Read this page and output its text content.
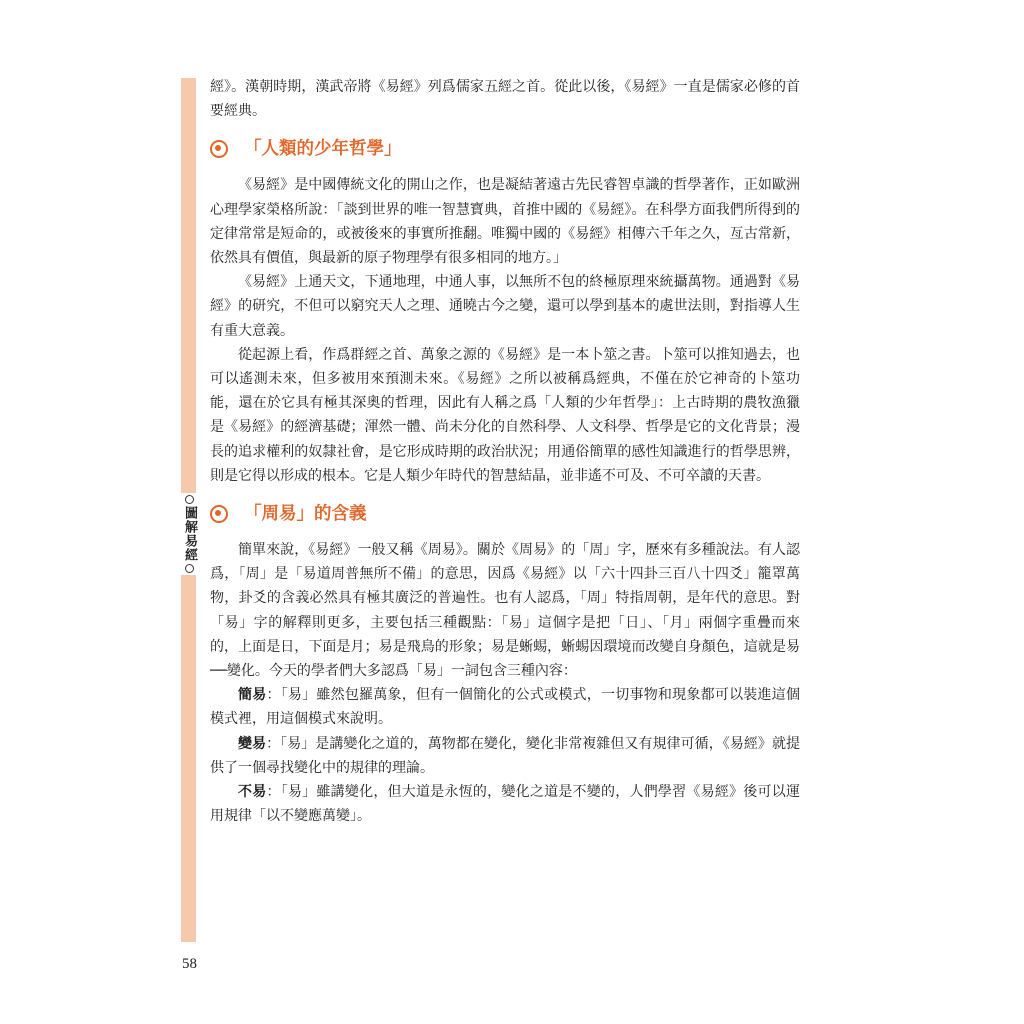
圖解易經

經》。漢朝時期，漢武帝將《易經》列爲儒家五經之首。從此以後，《易經》一直是儒家必修的首要經典。

「人類的少年哲學」

《易經》是中國傳統文化的開山之作，也是凝結著遠古先民睿智卓識的哲學著作，正如歐洲心理學家榮格所說：「談到世界的唯一智慧寶典，首推中國的《易經》。在科學方面我們所得到的定律常常是短命的，或被後來的事實所推翻。唯獨中國的《易經》相傳六千年之久，亙古常新，依然具有價值，與最新的原子物理學有很多相同的地方。」

《易經》上通天文，下通地理，中通人事，以無所不包的終極原理來統攝萬物。通過對《易經》的研究，不但可以窮究天人之理、通曉古今之變，還可以學到基本的處世法則，對指導人生有重大意義。

從起源上看，作爲群經之首、萬象之源的《易經》是一本卜筮之書。卜筮可以推知過去，也可以遙測未來，但多被用來預測未來。《易經》之所以被稱爲經典，不僅在於它神奇的卜筮功能，還在於它具有極其深奧的哲理，因此有人稱之爲「人類的少年哲學」：上古時期的農牧漁獵是《易經》的經濟基礎；渾然一體、尚未分化的自然科學、人文科學、哲學是它的文化背景；漫長的追求權利的奴隸社會，是它形成時期的政治狀況；用通俗簡單的感性知識進行的哲學思辨，則是它得以形成的根本。它是人類少年時代的智慧結晶，並非遙不可及、不可卒讀的天書。

「周易」的含義

簡單來說，《易經》一般又稱《周易》。關於《周易》的「周」字，歷來有多種說法。有人認爲，「周」是「易道周普無所不備」的意思，因爲《易經》以「六十四卦三百八十四爻」籠罩萬物，卦爻的含義必然具有極其廣泛的普遍性。也有人認爲，「周」特指周朝，是年代的意思。對「易」字的解釋則更多，主要包括三種觀點：「易」這個字是把「日」、「月」兩個字重疊而來的，上面是日，下面是月；易是飛鳥的形象；易是蜥蜴，蜥蜴因環境而改變自身顏色，這就是易──變化。今天的學者們大多認爲「易」一詞包含三種內容：

簡易：「易」雖然包羅萬象，但有一個簡化的公式或模式，一切事物和現象都可以裝進這個模式裡，用這個模式來說明。

變易：「易」是講變化之道的，萬物都在變化，變化非常複雜但又有規律可循，《易經》就提供了一個尋找變化中的規律的理論。

不易：「易」雖講變化，但大道是永恆的，變化之道是不變的，人們學習《易經》後可以運用規律「以不變應萬變」。

58
